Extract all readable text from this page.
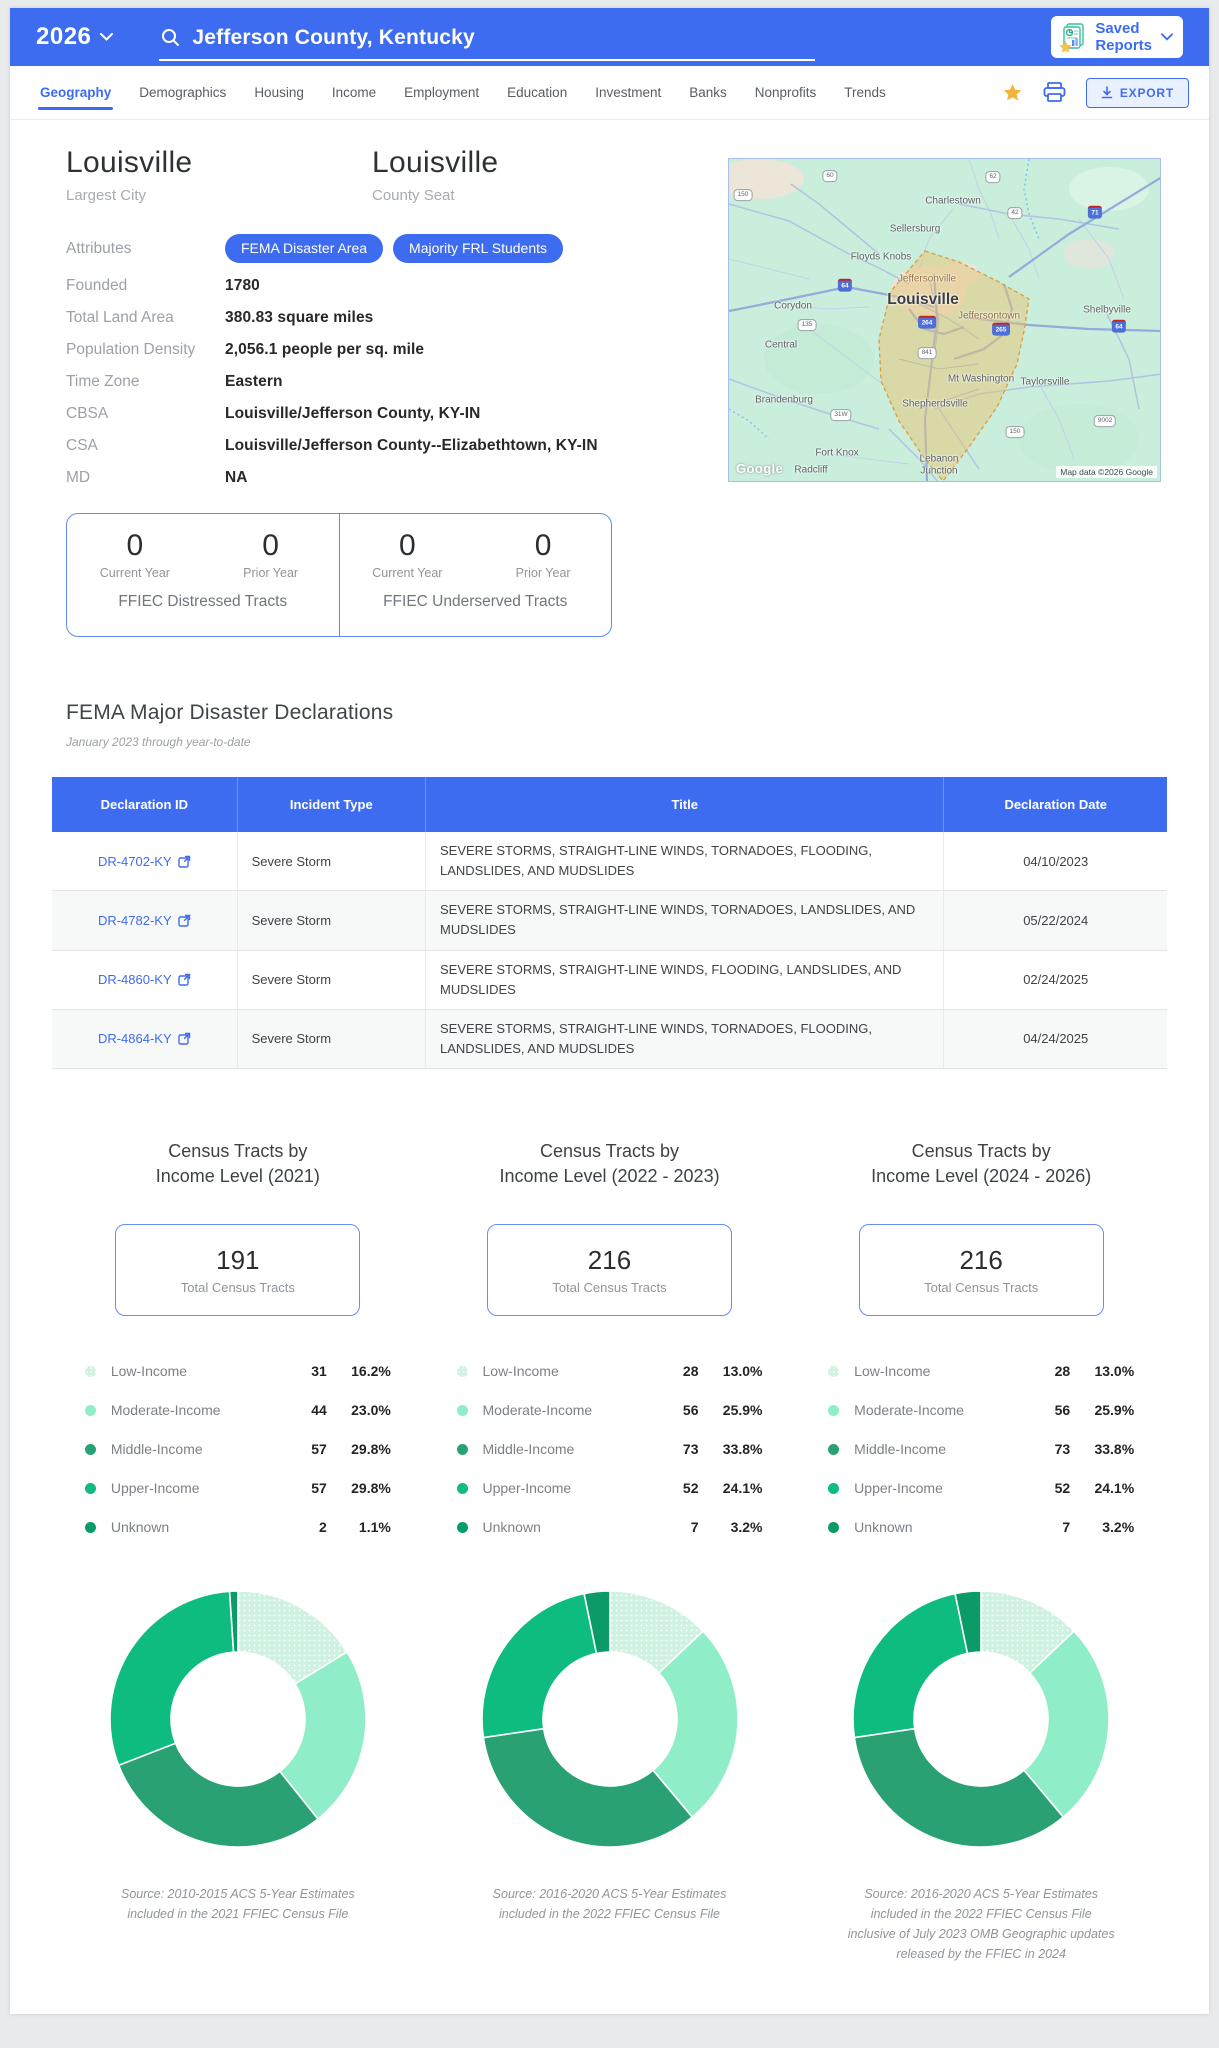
2026	Jefferson County, Kentucky	Saved
Reports
Geography	Demographics	Housing	Income	Employment	Education	Investment	Banks	Nonprofits	Trends	EXPORT
Louisville
Largest City
Louisville
County Seat
Attributes	FEMA Disaster Area	Majority FRL Students
Founded	1780
Total Land Area	380.83 square miles
Population Density	2,056.1 people per sq. mile
Time Zone	Eastern
CBSA	Louisville/Jefferson County, KY-IN
CSA	Louisville/Jefferson County--Elizabethtown, KY-IN
MD	NA
Charlestown
Sellersburg
Floyds Knobs
Jeffersonville
Louisville
Jeffersontown
Shelbyville
Corydon
Central
Mt Washington Taylorsville
Brandenburg	Shepherdsville
Fort Knox
Radcliff
Lebanon Junction
150
60	62
42	71
64
135	264
265
841
31W
150
9002
64
Google	Map data ©2026 Google
0
Current Year
0
Prior Year
FFIEC Distressed Tracts
0
Current Year
0
Prior Year
FFIEC Underserved Tracts
FEMA Major Disaster Declarations
January 2023 through year-to-date
Declaration ID	Incident Type	Title	Declaration Date

DR-4702-KY	Severe Storm	SEVERE STORMS, STRAIGHT-LINE WINDS, TORNADOES, FLOODING, LANDSLIDES, AND MUDSLIDES	04/10/2023

DR-4782-KY	Severe Storm	SEVERE STORMS, STRAIGHT-LINE WINDS, TORNADOES, LANDSLIDES, AND MUDSLIDES	05/22/2024

DR-4860-KY	Severe Storm	SEVERE STORMS, STRAIGHT-LINE WINDS, FLOODING, LANDSLIDES, AND MUDSLIDES	02/24/2025

DR-4864-KY	Severe Storm	SEVERE STORMS, STRAIGHT-LINE WINDS, TORNADOES, FLOODING, LANDSLIDES, AND MUDSLIDES	04/24/2025
Census Tracts by
Income Level (2021)
191
Total Census Tracts
Low-Income	31	16.2%
Moderate-Income	44	23.0%
Middle-Income	57	29.8%
Upper-Income	57	29.8%
Unknown	2	1.1%
Source: 2010-2015 ACS 5-Year Estimates
included in the 2021 FFIEC Census File
Census Tracts by
Income Level (2022 - 2023)
216
Total Census Tracts
Low-Income	28	13.0%
Moderate-Income	56	25.9%
Middle-Income	73	33.8%
Upper-Income	52	24.1%
Unknown	7	3.2%
Source: 2016-2020 ACS 5-Year Estimates
included in the 2022 FFIEC Census File
Census Tracts by
Income Level (2024 - 2026)
216
Total Census Tracts
Low-Income	28	13.0%
Moderate-Income	56	25.9%
Middle-Income	73	33.8%
Upper-Income	52	24.1%
Unknown	7	3.2%
Source: 2016-2020 ACS 5-Year Estimates
included in the 2022 FFIEC Census File
inclusive of July 2023 OMB Geographic updates
released by the FFIEC in 2024
